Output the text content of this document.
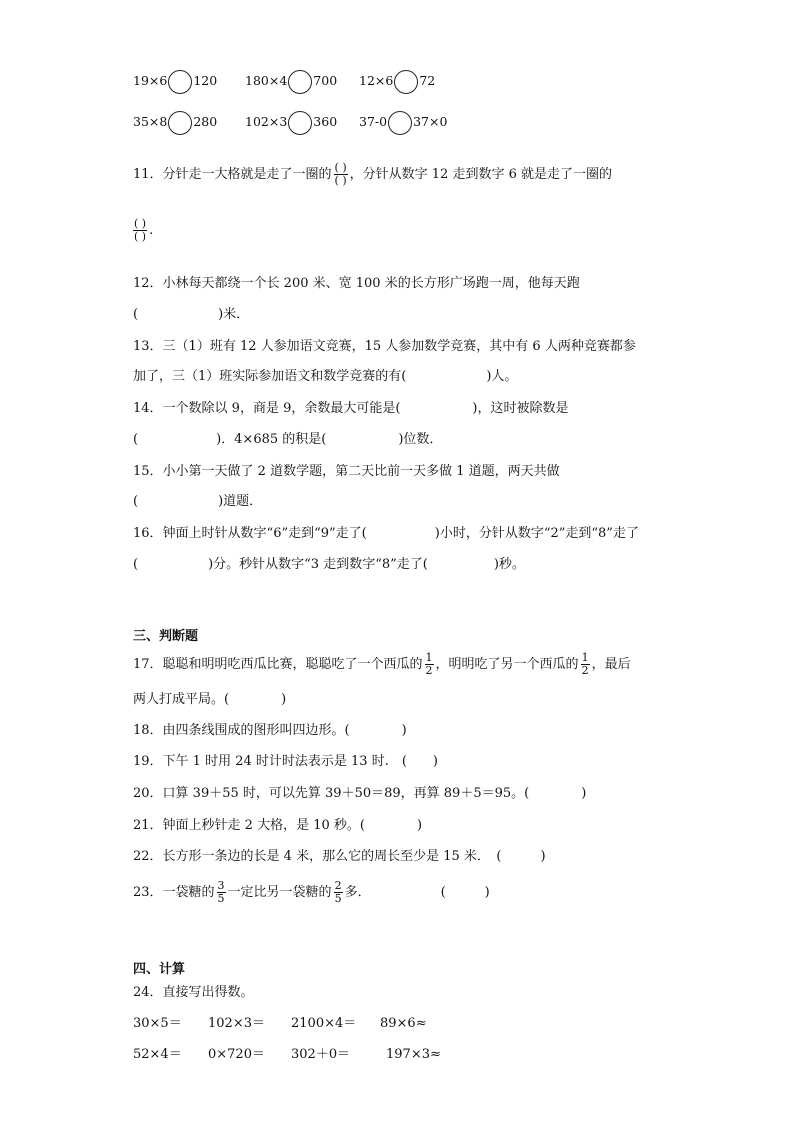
19×6 120 180×4 700 12×6 72
35×8 280 102×3 360 37-0 37×0
11．分针走一大格就是走了一圈的 $\frac{( )}{( )}$ ，分针从数字 12 走到数字 6 就是走了一圈的
$\frac{( )}{( )}$ .
12．小林每天都绕一个长 200 米、宽 100 米的长方形广场跑一周，他每天跑
(	)米．
13．三（1）班有 12 人参加语文竞赛，15 人参加数学竞赛，其中有 6 人两种竞赛都参
加了，三（1）班实际参加语文和数学竞赛的有(	)人。
14．一个数除以 9，商是 9，余数最大可能是(	)，这时被除数是
(	)．4×685 的积是(	)位数．
15．小小第一天做了 2 道数学题，第二天比前一天多做 1 道题，两天共做
(	)道题．
16．钟面上时针从数字“6”走到“9”走了(	)小时，分针从数字“2”走到“8”走了
(	)分。秒针从数字“3 走到数字“8”走了(	)秒。
三、判断题
17．聪聪和明明吃西瓜比赛，聪聪吃了一个西瓜的 $\frac{1}{2}$ ，明明吃了另一个西瓜的 $\frac{1}{2}$ ，最后
两人打成平局。(　　　　)
18．由四条线围成的图形叫四边形。(　　　　)
19．下午 1 时用 24 时计时法表示是 13 时.　(　　)
20．口算 39＋55 时，可以先算 39＋50＝89，再算 89＋5＝95。(　　　　)
21．钟面上秒针走 2 大格，是 10 秒。(　　　　)
22．长方形一条边的长是 4 米，那么它的周长至少是 15 米．　(　　　)
23．一袋糖的 $\frac{3}{5}$ 一定比另一袋糖的 $\frac{2}{5}$ 多．	(　　　)
四、计算
24．直接写出得数。
30×5＝ 102×3＝ 2100×4＝ 89×6≈
52×4＝ 0×720＝ 302＋0＝	197×3≈
